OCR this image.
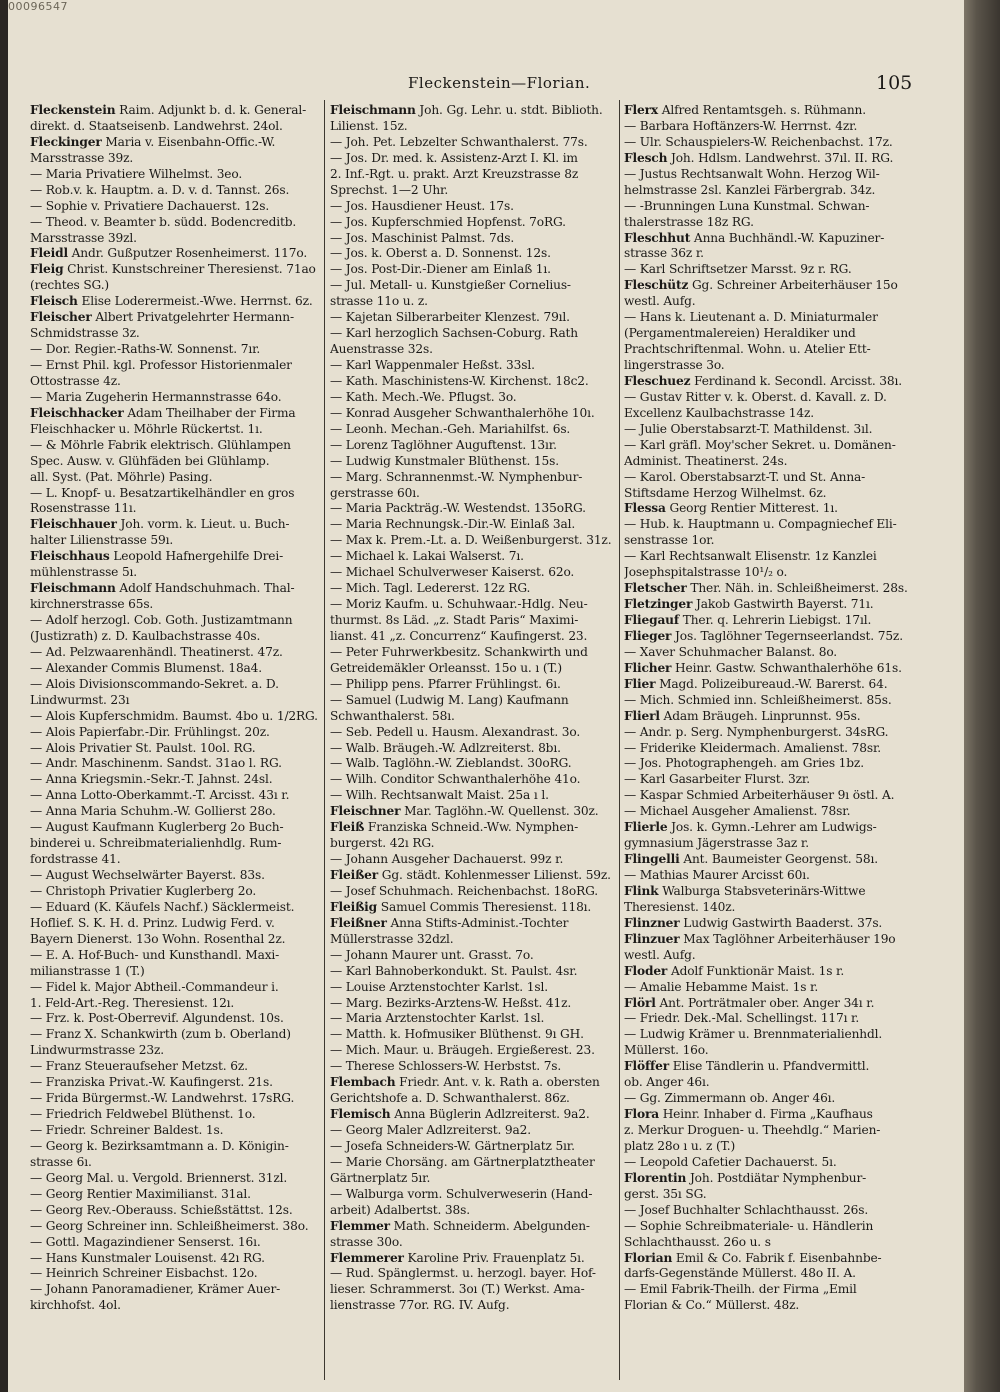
00096547
Fleckenstein—Florian.	105
Fleckenstein Raim. Adjunkt b. d. k. General-
direkt. d. Staatseisenb. Landwehrst. 24ol.
Fleckinger Maria v. Eisenbahn-Offic.-W.
Marsstrasse 39z.
— Maria Privatiere Wilhelmst. 3eo.
— Rob.v. k. Hauptm. a. D. v. d. Tannst. 26s.
— Sophie v. Privatiere Dachauerst. 12s.
— Theod. v. Beamter b. südd. Bodencreditb.
Marsstrasse 39zl.
Fleidl Andr. Gußputzer Rosenheimerst. 117o.
Fleig Christ. Kunstschreiner Theresienst. 71ao
(rechtes SG.)
Fleisch Elise Loderermeist.-Wwe. Herrnst. 6z.
Fleischer Albert Privatgelehrter Hermann-
Schmidstrasse 3z.
— Dor. Regier.-Raths-W. Sonnenst. 7ır.
— Ernst Phil. kgl. Professor Historienmaler
Ottostrasse 4z.
— Maria Zugeherin Hermannstrasse 64o.
Fleischhacker Adam Theilhaber der Firma
Fleischhacker u. Möhrle Rückertst. 1ı.
— & Möhrle Fabrik elektrisch. Glühlampen
Spec. Ausw. v. Glühfäden bei Glühlamp.
all. Syst. (Pat. Möhrle) Pasing.
— L. Knopf- u. Besatzartikelhändler en gros
Rosenstrasse 11ı.
Fleischhauer Joh. vorm. k. Lieut. u. Buch-
halter Lilienstrasse 59ı.
Fleischhaus Leopold Hafnergehilfe Drei-
mühlenstrasse 5ı.
Fleischmann Adolf Handschuhmach. Thal-
kirchnerstrasse 65s.
— Adolf herzogl. Cob. Goth. Justizamtmann
(Justizrath) z. D. Kaulbachstrasse 40s.
— Ad. Pelzwaarenhändl. Theatinerst. 47z.
— Alexander Commis Blumenst. 18a4.
— Alois Divisionscommando-Sekret. a. D.
Lindwurmst. 23ı
— Alois Kupferschmidm. Baumst. 4bo u. 1/2RG.
— Alois Papierfabr.-Dir. Frühlingst. 20z.
— Alois Privatier St. Paulst. 10ol. RG.
— Andr. Maschinenm. Sandst. 31ao l. RG.
— Anna Kriegsmin.-Sekr.-T. Jahnst. 24sl.
— Anna Lotto-Oberkammt.-T. Arcisst. 43ı r.
— Anna Maria Schuhm.-W. Gollierst 28o.
— August Kaufmann Kuglerberg 2o Buch-
binderei u. Schreibmaterialienhdlg. Rum-
fordstrasse 41.
— August Wechselwärter Bayerst. 83s.
— Christoph Privatier Kuglerberg 2o.
— Eduard (K. Käufels Nachf.) Säcklermeist.
Hoflief. S. K. H. d. Prinz. Ludwig Ferd. v.
Bayern Dienerst. 13o Wohn. Rosenthal 2z.
— E. A. Hof-Buch- und Kunsthandl. Maxi-
milianstrasse 1 (T.)
— Fidel k. Major Abtheil.-Commandeur i.
1. Feld-Art.-Reg. Theresienst. 12ı.
— Frz. k. Post-Oberrevif. Algundenst. 10s.
— Franz X. Schankwirth (zum b. Oberland)
Lindwurmstrasse 23z.
— Franz Steueraufseher Metzst. 6z.
— Franziska Privat.-W. Kaufingerst. 21s.
— Frida Bürgermst.-W. Landwehrst. 17sRG.
— Friedrich Feldwebel Blüthenst. 1o.
— Friedr. Schreiner Baldest. 1s.
— Georg k. Bezirksamtmann a. D. Königin-
strasse 6ı.
— Georg Mal. u. Vergold. Briennerst. 31zl.
— Georg Rentier Maximilianst. 31al.
— Georg Rev.-Oberauss. Schießstättst. 12s.
— Georg Schreiner inn. Schleißheimerst. 38o.
— Gottl. Magazindiener Senserst. 16ı.
— Hans Kunstmaler Louisenst. 42ı RG.
— Heinrich Schreiner Eisbachst. 12o.
— Johann Panoramadiener, Krämer Auer-
kirchhofst. 4ol.
Fleischmann Joh. Gg. Lehr. u. stdt. Biblioth.
Lilienst. 15z.
— Joh. Pet. Lebzelter Schwanthalerst. 77s.
— Jos. Dr. med. k. Assistenz-Arzt I. Kl. im
2. Inf.-Rgt. u. prakt. Arzt Kreuzstrasse 8z
Sprechst. 1—2 Uhr.
— Jos. Hausdiener Heust. 17s.
— Jos. Kupferschmied Hopfenst. 7oRG.
— Jos. Maschinist Palmst. 7ds.
— Jos. k. Oberst a. D. Sonnenst. 12s.
— Jos. Post-Dir.-Diener am Einlaß 1ı.
— Jul. Metall- u. Kunstgießer Cornelius-
strasse 11o u. z.
— Kajetan Silberarbeiter Klenzest. 79ıl.
— Karl herzoglich Sachsen-Coburg. Rath
Auenstrasse 32s.
— Karl Wappenmaler Heßst. 33sl.
— Kath. Maschinistens-W. Kirchenst. 18c2.
— Kath. Mech.-We. Pflugst. 3o.
— Konrad Ausgeher Schwanthalerhöhe 10ı.
— Leonh. Mechan.-Geh. Mariahilfst. 6s.
— Lorenz Taglöhner Auguftenst. 13ır.
— Ludwig Kunstmaler Blüthenst. 15s.
— Marg. Schrannenmst.-W. Nymphenbur-
gerstrasse 60ı.
— Maria Packträg.-W. Westendst. 135oRG.
— Maria Rechnungsk.-Dir.-W. Einlaß 3al.
— Max k. Prem.-Lt. a. D. Weißenburgerst. 31z.
— Michael k. Lakai Walserst. 7ı.
— Michael Schulverweser Kaiserst. 62o.
— Mich. Tagl. Ledererst. 12z RG.
— Moriz Kaufm. u. Schuhwaar.-Hdlg. Neu-
thurmst. 8s Läd. „z. Stadt Paris“ Maximi-
lianst. 41 „z. Concurrenz“ Kaufingerst. 23.
— Peter Fuhrwerkbesitz. Schankwirth und
Getreidemäkler Orleansst. 15o u. ı (T.)
— Philipp pens. Pfarrer Frühlingst. 6ı.
— Samuel (Ludwig M. Lang) Kaufmann
Schwanthalerst. 58ı.
— Seb. Pedell u. Hausm. Alexandrast. 3o.
— Walb. Bräugeh.-W. Adlzreiterst. 8bı.
— Walb. Taglöhn.-W. Zieblandst. 30oRG.
— Wilh. Conditor Schwanthalerhöhe 41o.
— Wilh. Rechtsanwalt Maist. 25a ı l.
Fleischner Mar. Taglöhn.-W. Quellenst. 30z.
Fleiß Franziska Schneid.-Ww. Nymphen-
burgerst. 42ı RG.
— Johann Ausgeher Dachauerst. 99z r.
Fleißer Gg. städt. Kohlenmesser Lilienst. 59z.
— Josef Schuhmach. Reichenbachst. 18oRG.
Fleißig Samuel Commis Theresienst. 118ı.
Fleißner Anna Stifts-Administ.-Tochter
Müllerstrasse 32dzl.
— Johann Maurer unt. Grasst. 7o.
— Karl Bahnoberkondukt. St. Paulst. 4sr.
— Louise Arztenstochter Karlst. 1sl.
— Marg. Bezirks-Arztens-W. Heßst. 41z.
— Maria Arztenstochter Karlst. 1sl.
— Matth. k. Hofmusiker Blüthenst. 9ı GH.
— Mich. Maur. u. Bräugeh. Ergießerest. 23.
— Therese Schlossers-W. Herbstst. 7s.
Flembach Friedr. Ant. v. k. Rath a. obersten
Gerichtshofe a. D. Schwanthalerst. 86z.
Flemisch Anna Büglerin Adlzreiterst. 9a2.
— Georg Maler Adlzreiterst. 9a2.
— Josefa Schneiders-W. Gärtnerplatz 5ır.
— Marie Chorsäng. am Gärtnerplatztheater
Gärtnerplatz 5ır.
— Walburga vorm. Schulverweserin (Hand-
arbeit) Adalbertst. 38s.
Flemmer Math. Schneiderm. Abelgunden-
strasse 30o.
Flemmerer Karoline Priv. Frauenplatz 5ı.
— Rud. Spänglermst. u. herzogl. bayer. Hof-
lieser. Schrammerst. 3oı (T.) Werkst. Ama-
lienstrasse 77or. RG. IV. Aufg.
Flerx Alfred Rentamtsgeh. s. Rühmann.
— Barbara Hoftänzers-W. Herrnst. 4zr.
— Ulr. Schauspielers-W. Reichenbachst. 17z.
Flesch Joh. Hdlsm. Landwehrst. 37ıl. II. RG.
— Justus Rechtsanwalt Wohn. Herzog Wil-
helmstrasse 2sl. Kanzlei Färbergrab. 34z.
— -Brunningen Luna Kunstmal. Schwan-
thalerstrasse 18z RG.
Fleschhut Anna Buchhändl.-W. Kapuziner-
strasse 36z r.
— Karl Schriftsetzer Marsst. 9z r. RG.
Fleschütz Gg. Schreiner Arbeiterhäuser 15o
westl. Aufg.
— Hans k. Lieutenant a. D. Miniaturmaler
(Pergamentmalereien) Heraldiker und
Prachtschriftenmal. Wohn. u. Atelier Ett-
lingerstrasse 3o.
Fleschuez Ferdinand k. Secondl. Arcisst. 38ı.
— Gustav Ritter v. k. Oberst. d. Kavall. z. D.
Excellenz Kaulbachstrasse 14z.
— Julie Oberstabsarzt-T. Mathildenst. 3ıl.
— Karl gräfl. Moy'scher Sekret. u. Domänen-
Administ. Theatinerst. 24s.
— Karol. Oberstabsarzt-T. und St. Anna-
Stiftsdame Herzog Wilhelmst. 6z.
Flessa Georg Rentier Mitterest. 1ı.
— Hub. k. Hauptmann u. Compagniechef Eli-
senstrasse 1or.
— Karl Rechtsanwalt Elisenstr. 1z Kanzlei
Josephspitalstrasse 10¹/₂ o.
Fletscher Ther. Näh. in. Schleißheimerst. 28s.
Fletzinger Jakob Gastwirth Bayerst. 71ı.
Fliegauf Ther. q. Lehrerin Liebigst. 17ıl.
Flieger Jos. Taglöhner Tegernseerlandst. 75z.
— Xaver Schuhmacher Balanst. 8o.
Flicher Heinr. Gastw. Schwanthalerhöhe 61s.
Flier Magd. Polizeibureaud.-W. Barerst. 64.
— Mich. Schmied inn. Schleißheimerst. 85s.
Flierl Adam Bräugeh. Linprunnst. 95s.
— Andr. p. Serg. Nymphenburgerst. 34sRG.
— Friderike Kleidermach. Amalienst. 78sr.
— Jos. Photographengeh. am Gries 1bz.
— Karl Gasarbeiter Flurst. 3zr.
— Kaspar Schmied Arbeiterhäuser 9ı östl. A.
— Michael Ausgeher Amalienst. 78sr.
Flierle Jos. k. Gymn.-Lehrer am Ludwigs-
gymnasium Jägerstrasse 3az r.
Flingelli Ant. Baumeister Georgenst. 58ı.
— Mathias Maurer Arcisst 60ı.
Flink Walburga Stabsveterinärs-Wittwe
Theresienst. 140z.
Flinzner Ludwig Gastwirth Baaderst. 37s.
Flinzuer Max Taglöhner Arbeiterhäuser 19o
westl. Aufg.
Floder Adolf Funktionär Maist. 1s r.
— Amalie Hebamme Maist. 1s r.
Flörl Ant. Porträtmaler ober. Anger 34ı r.
— Friedr. Dek.-Mal. Schellingst. 117ı r.
— Ludwig Krämer u. Brennmaterialienhdl.
Müllerst. 16o.
Flöffer Elise Tändlerin u. Pfandvermittl.
ob. Anger 46ı.
— Gg. Zimmermann ob. Anger 46ı.
Flora Heinr. Inhaber d. Firma „Kaufhaus
z. Merkur Droguen- u. Theehdlg.“ Marien-
platz 28o ı u. z (T.)
— Leopold Cafetier Dachauerst. 5ı.
Florentin Joh. Postdiätar Nymphenbur-
gerst. 35ı SG.
— Josef Buchhalter Schlachthausst. 26s.
— Sophie Schreibmateriale- u. Händlerin
Schlachthausst. 26o u. s
Florian Emil & Co. Fabrik f. Eisenbahnbe-
darfs-Gegenstände Müllerst. 48o II. A.
— Emil Fabrik-Theilh. der Firma „Emil
Florian & Co.“ Müllerst. 48z.
